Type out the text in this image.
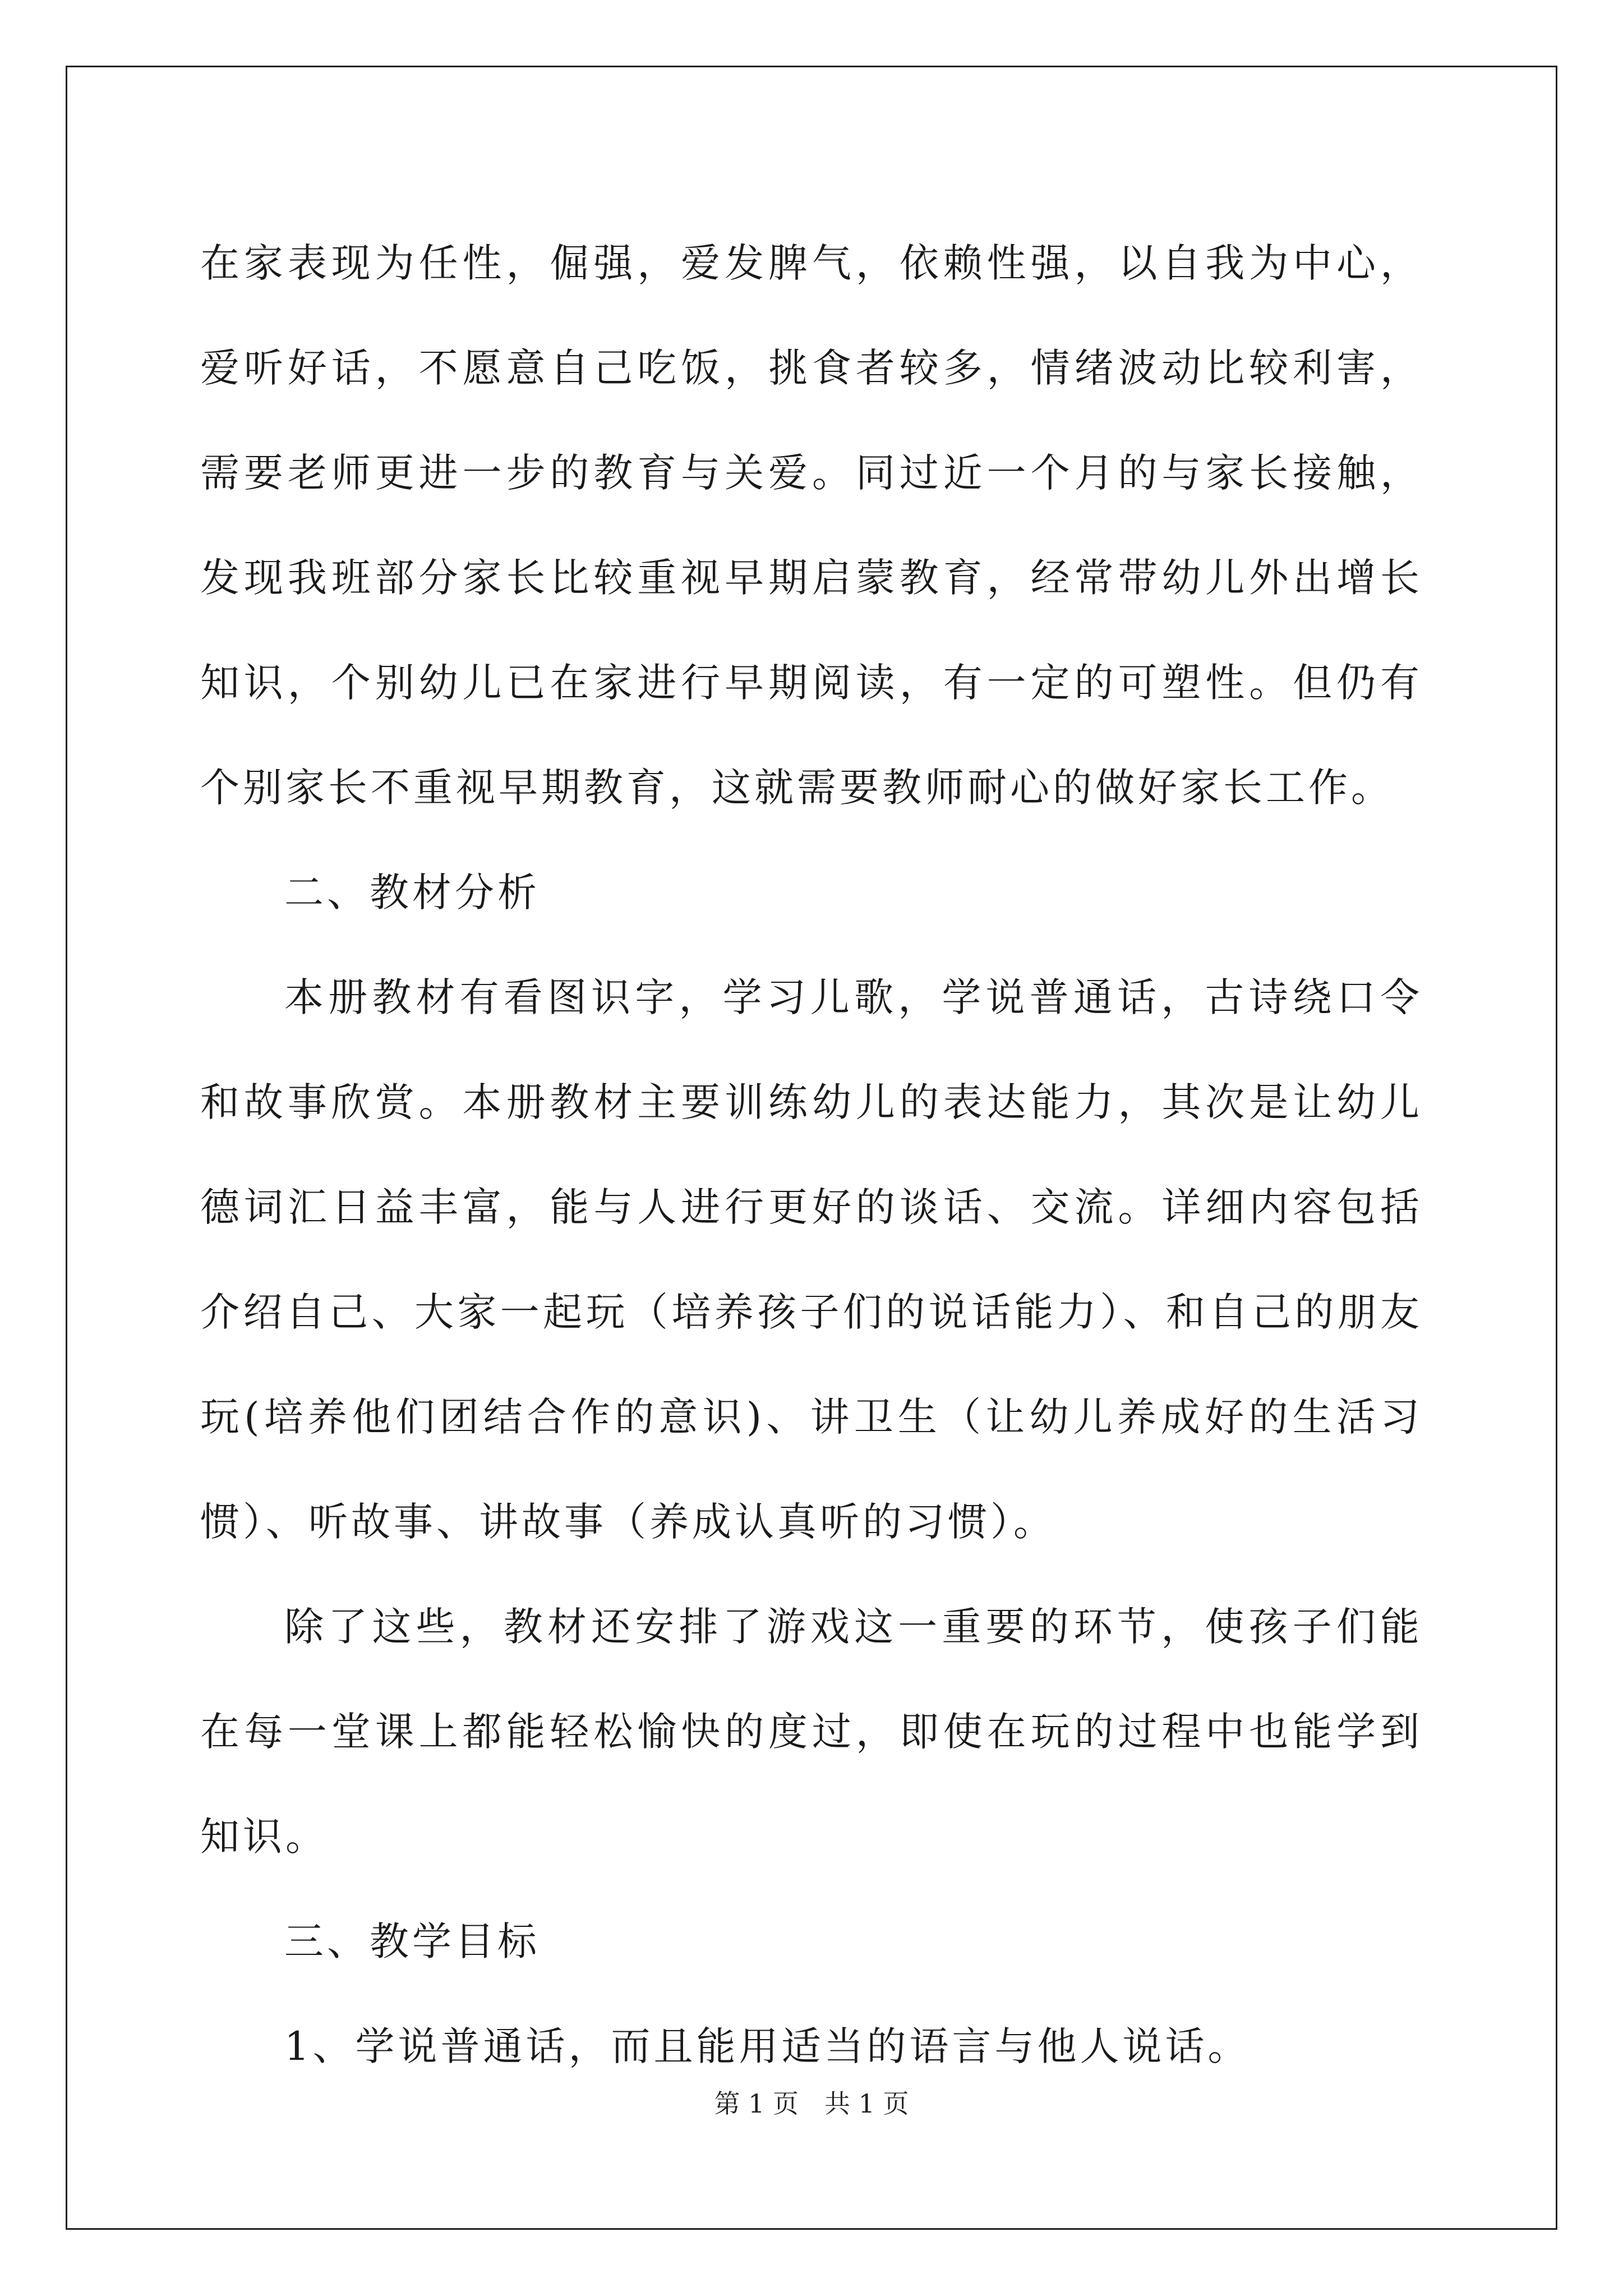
在家表现为任性，倔强，爱发脾气，依赖性强，以自我为中心，爱听好话，不愿意自己吃饭，挑食者较多，情绪波动比较利害，需要老师更进一步的教育与关爱。同过近一个月的与家长接触，发现我班部分家长比较重视早期启蒙教育，经常带幼儿外出增长知识，个别幼儿已在家进行早期阅读，有一定的可塑性。但仍有个别家长不重视早期教育，这就需要教师耐心的做好家长工作。

二、教材分析

本册教材有看图识字，学习儿歌，学说普通话，古诗绕口令和故事欣赏。本册教材主要训练幼儿的表达能力，其次是让幼儿德词汇日益丰富，能与人进行更好的谈话、交流。详细内容包括介绍自己、大家一起玩（培养孩子们的说话能力）、和自己的朋友玩(培养他们团结合作的意识)、讲卫生（让幼儿养成好的生活习惯）、听故事、讲故事（养成认真听的习惯）。

除了这些，教材还安排了游戏这一重要的环节，使孩子们能在每一堂课上都能轻松愉快的度过，即使在玩的过程中也能学到知识。

三、教学目标

1、学说普通话，而且能用适当的语言与他人说话。

第 1 页　共 1 页
